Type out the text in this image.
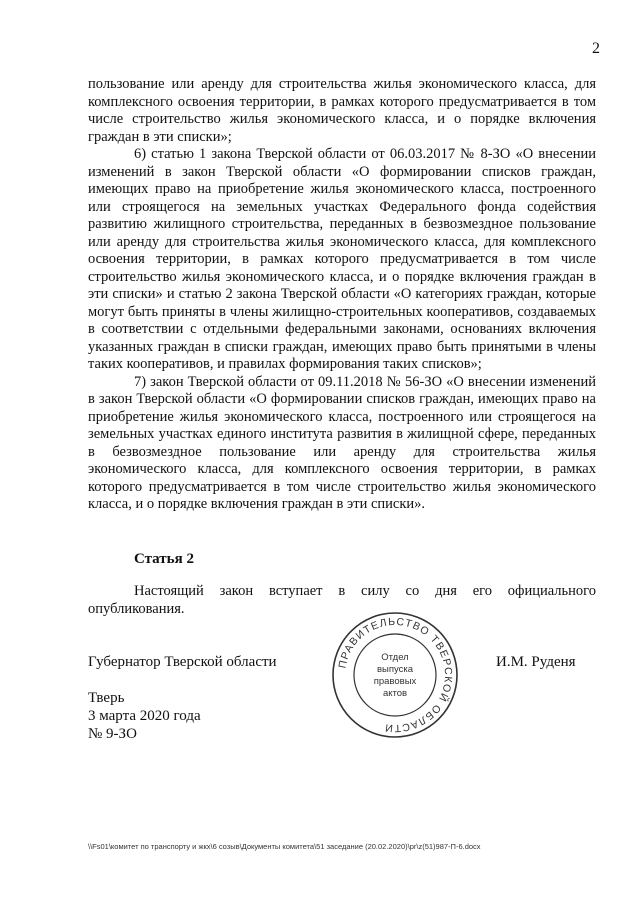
2

пользование или аренду для строительства жилья экономического класса, для комплексного освоения территории, в рамках которого предусматривается в том числе строительство жилья экономического класса, и о порядке включения граждан в эти списки»;

6) статью 1 закона Тверской области от 06.03.2017 № 8-ЗО «О внесении изменений в закон Тверской области «О формировании списков граждан, имеющих право на приобретение жилья экономического класса, построенного или строящегося на земельных участках Федерального фонда содействия развитию жилищного строительства, переданных в безвозмездное пользование или аренду для строительства жилья экономического класса, для комплексного освоения территории, в рамках которого предусматривается в том числе строительство жилья экономического класса, и о порядке включения граждан в эти списки» и статью 2 закона Тверской области «О категориях граждан, которые могут быть приняты в члены жилищно-строительных кооперативов, создаваемых в соответствии с отдельными федеральными законами, основаниях включения указанных граждан в списки граждан, имеющих право быть принятыми в члены таких кооперативов, и правилах формирования таких списков»;

7) закон Тверской области от 09.11.2018 № 56-ЗО «О внесении изменений в закон Тверской области «О формировании списков граждан, имеющих право на приобретение жилья экономического класса, построенного или строящегося на земельных участках единого института развития в жилищной сфере, переданных в безвозмездное пользование или аренду для строительства жилья экономического класса, для комплексного освоения территории, в рамках которого предусматривается в том числе строительство жилья экономического класса, и о порядке включения граждан в эти списки».

Статья 2

Настоящий закон вступает в силу со дня его официального опубликования.

Губернатор Тверской области	И.М. Руденя
Тверь
3 марта 2020 года
№ 9-ЗО
ПРАВИТЕЛЬСТВО ТВЕРСКОЙ ОБЛАСТИ
Отдел
выпуска
правовых
актов
\\Fs01\комитет по транспорту и жкх\6 созыв\Документы комитета\51 заседание (20.02.2020)\pr\z(51)987-П-6.docx
